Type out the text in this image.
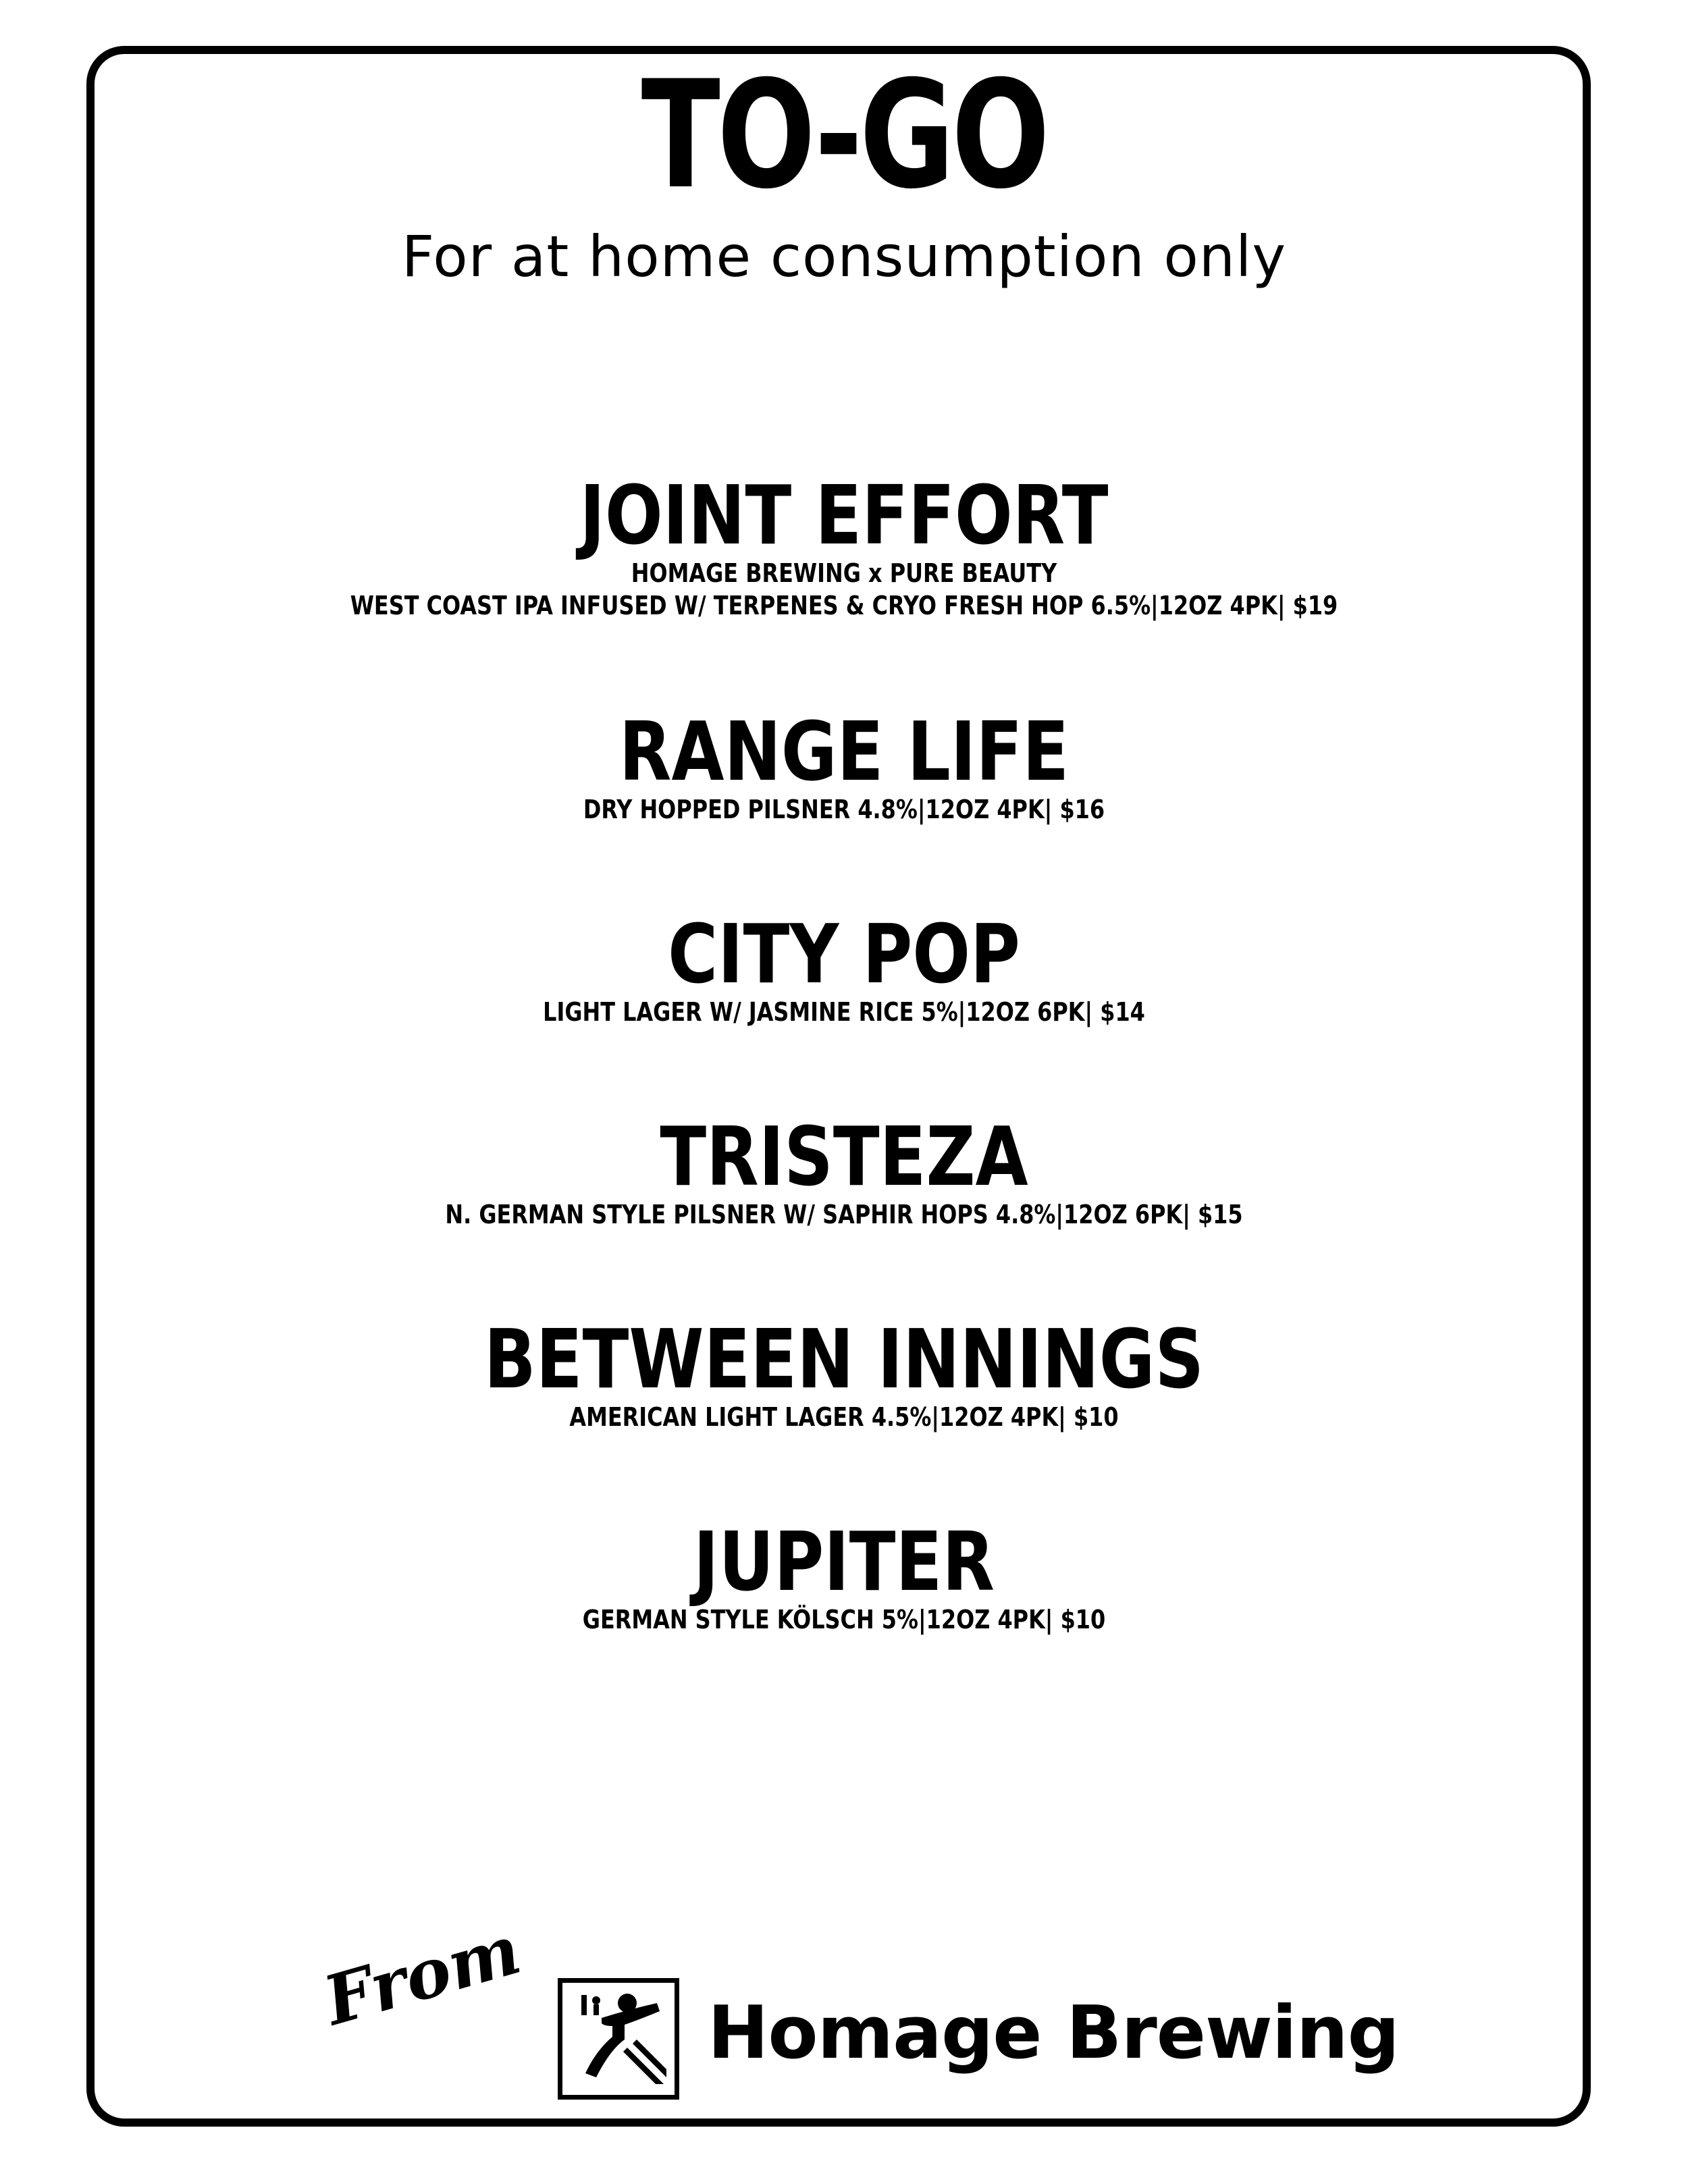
TO-GO
For at home consumption only
JOINT EFFORT
HOMAGE BREWING x PURE BEAUTY
WEST COAST IPA INFUSED W/ TERPENES & CRYO FRESH HOP 6.5%|12OZ 4PK| $19
RANGE LIFE
DRY HOPPED PILSNER 4.8%|12OZ 4PK| $16
CITY POP
LIGHT LAGER W/ JASMINE RICE 5%|12OZ 6PK| $14
TRISTEZA
N. GERMAN STYLE PILSNER W/ SAPHIR HOPS 4.8%|12OZ 6PK| $15
BETWEEN INNINGS
AMERICAN LIGHT LAGER 4.5%|12OZ 4PK| $10
JUPITER
GERMAN STYLE KÖLSCH 5%|12OZ 4PK| $10
From Homage Brewing
